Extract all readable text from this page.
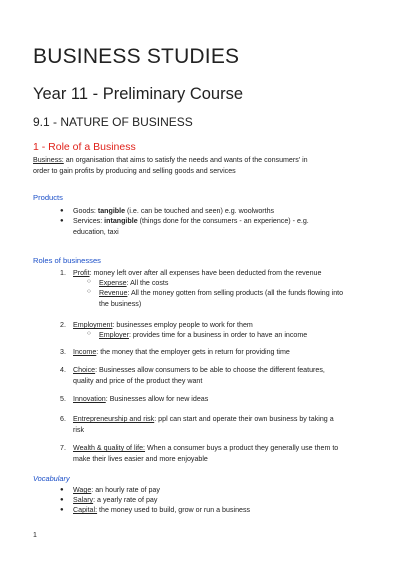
BUSINESS STUDIES
Year 11 - Preliminary Course
9.1 - NATURE OF BUSINESS
1 - Role of a Business
Business: an organisation that aims to satisfy the needs and wants of the consumers' in
order to gain profits by producing and selling goods and services
Products
● Goods: tangible (i.e. can be touched and seen) e.g. woolworths
● Services: intangible (things done for the consumers - an experience) - e.g.
education, taxi
Roles of businesses
1. Profit: money left over after all expenses have been deducted from the revenue
○ Expense: All the costs
○ Revenue: All the money gotten from selling products (all the funds flowing into
the business)
2. Employment: businesses employ people to work for them
○ Employer: provides time for a business in order to have an income
3. Income: the money that the employer gets in return for providing time
4. Choice: Businesses allow consumers to be able to choose the different features,
quality and price of the product they want
5. Innovation: Businesses allow for new ideas
6. Entrepreneurship and risk: ppl can start and operate their own business by taking a
risk
7. Wealth & quality of life: When a consumer buys a product they generally use them to
make their lives easier and more enjoyable
Vocabulary
● Wage: an hourly rate of pay
● Salary: a yearly rate of pay
● Capital: the money used to build, grow or run a business
1
